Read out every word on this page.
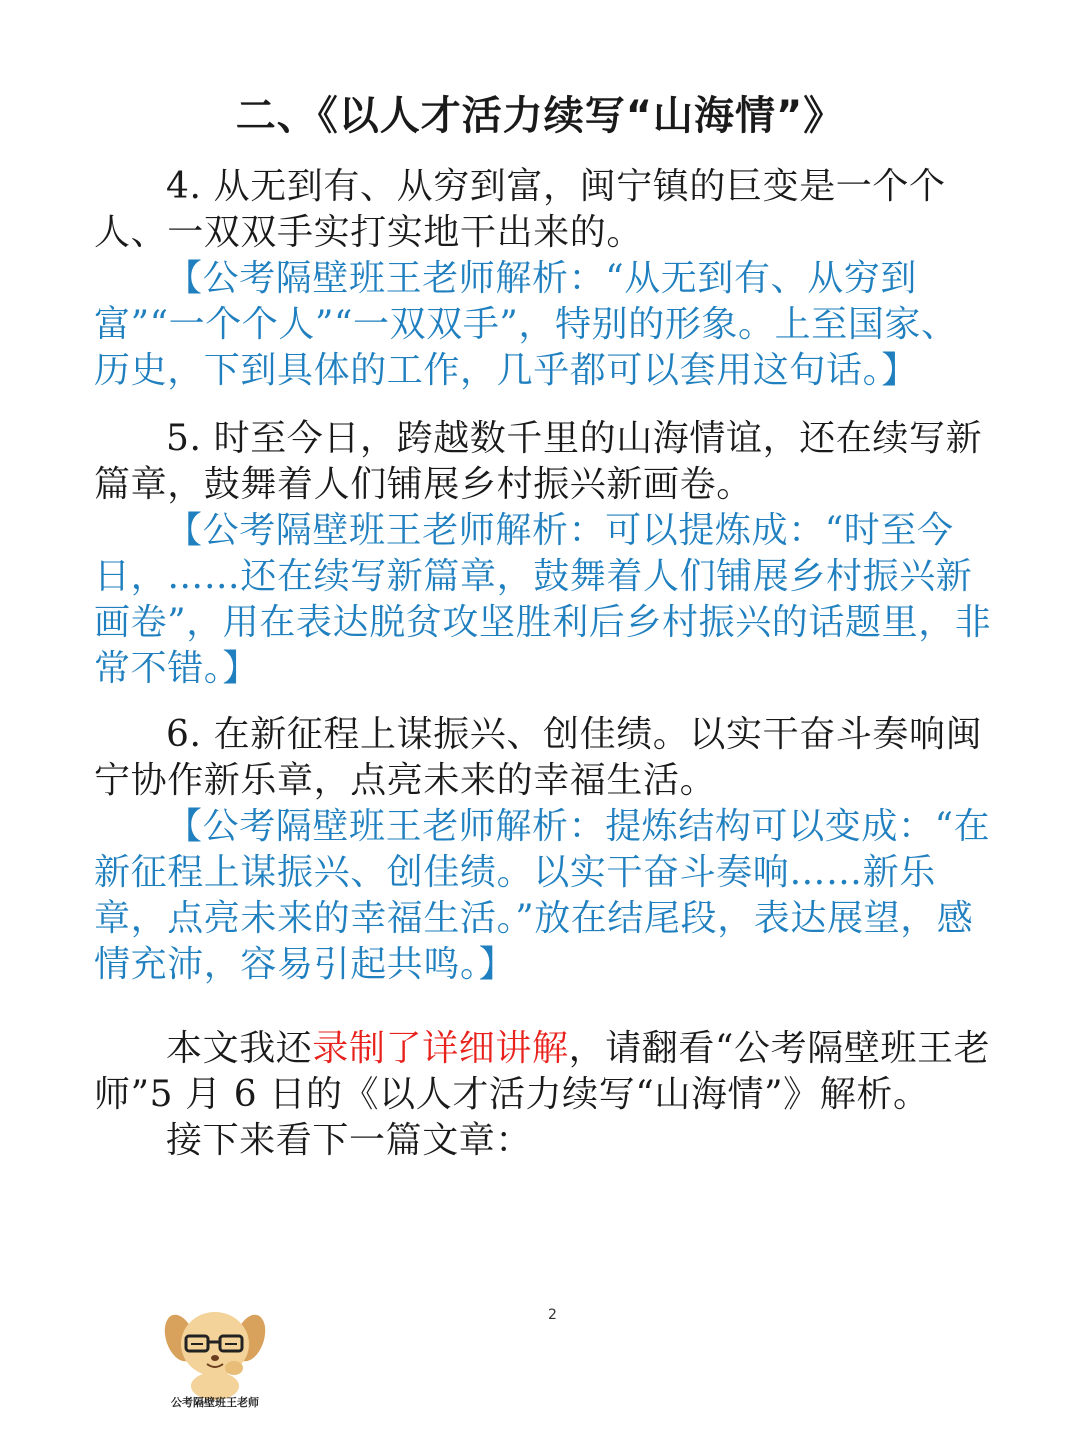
二、《以人才活力续写“山海情”》

4. 从无到有、从穷到富，闽宁镇的巨变是一个个人、一双双手实打实地干出来的。

【公考隔壁班王老师解析：“从无到有、从穷到富”“一个个人”“一双双手”，特别的形象。上至国家、历史，下到具体的工作，几乎都可以套用这句话。】

5. 时至今日，跨越数千里的山海情谊，还在续写新篇章，鼓舞着人们铺展乡村振兴新画卷。

【公考隔壁班王老师解析：可以提炼成：“时至今日，……还在续写新篇章，鼓舞着人们铺展乡村振兴新画卷”，用在表达脱贫攻坚胜利后乡村振兴的话题里，非常不错。】

6. 在新征程上谋振兴、创佳绩。以实干奋斗奏响闽宁协作新乐章，点亮未来的幸福生活。

【公考隔壁班王老师解析：提炼结构可以变成：“在新征程上谋振兴、创佳绩。以实干奋斗奏响……新乐章，点亮未来的幸福生活。”放在结尾段，表达展望，感情充沛，容易引起共鸣。】

本文我还录制了详细讲解，请翻看“公考隔壁班王老师”5 月 6 日的《以人才活力续写“山海情”》解析。

接下来看下一篇文章：

2
公考隔壁班王老师
